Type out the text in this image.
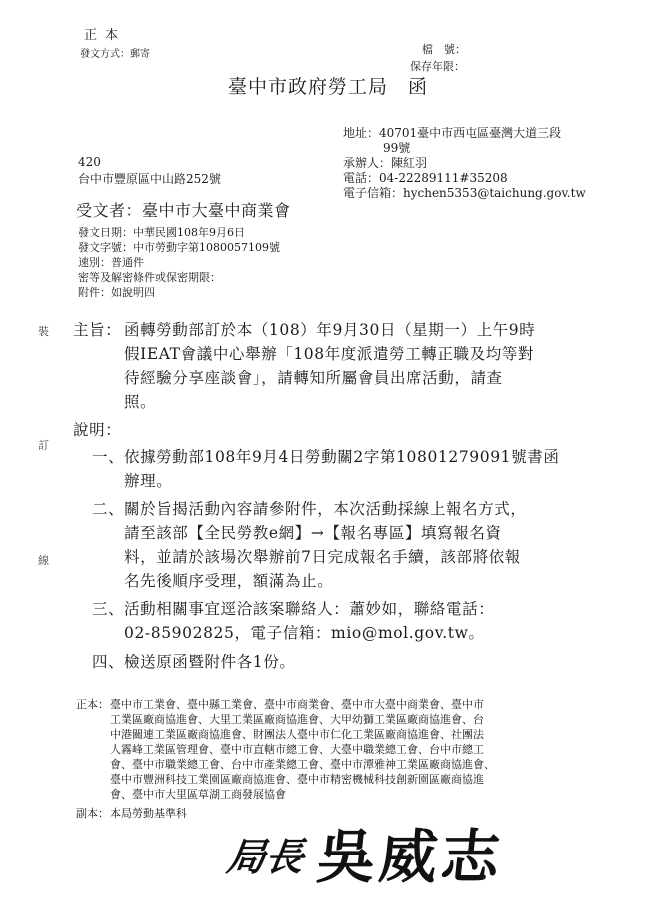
正本
發文方式：郵寄	檔　號：
保存年限：
臺中市政府勞工局　函
地址：40701臺中市西屯區臺灣大道三段
99號
承辦人：陳紅羽
電話：04-22289111#35208
電子信箱：hychen5353@taichung.gov.tw
420
台中市豐原區中山路252號
受文者：臺中市大臺中商業會
發文日期：中華民國108年9月6日
發文字號：中市勞動字第1080057109號
速別：普通件
密等及解密條件或保密期限：
附件：如說明四
裝
訂
線
主旨： 函轉勞動部訂於本（108）年9月30日（星期一）上午9時
假IEAT會議中心舉辦「108年度派遣勞工轉正職及均等對
待經驗分享座談會」，請轉知所屬會員出席活動，請查
照。
說明：
一、 依據勞動部108年9月4日勞動關2字第10801279091號書函
辦理。
二、 關於旨揭活動內容請參附件，本次活動採線上報名方式，
請至該部【全民勞教e網】→【報名專區】填寫報名資
料，並請於該場次舉辦前7日完成報名手續，該部將依報
名先後順序受理，額滿為止。
三、 活動相關事宜逕洽該案聯絡人：蕭妙如，聯絡電話：
02-85902825，電子信箱：mio@mol.gov.tw。
四、 檢送原函暨附件各1份。
正本： 臺中市工業會、臺中縣工業會、臺中市商業會、臺中市大臺中商業會、臺中市
工業區廠商協進會、大里工業區廠商協進會、大甲幼獅工業區廠商協進會、台
中港關連工業區廠商協進會、財團法人臺中市仁化工業區廠商協進會、社團法
人霧峰工業區管理會、臺中市直轄市總工會、大臺中職業總工會、台中市總工
會、臺中市職業總工會、台中市產業總工會、臺中市潭雅神工業區廠商協進會、
臺中市豐洲科技工業園區廠商協進會、臺中市精密機械科技創新園區廠商協進
會、臺中市大里區草湖工商發展協會
副本： 本局勞動基準科
局長 吳威志
